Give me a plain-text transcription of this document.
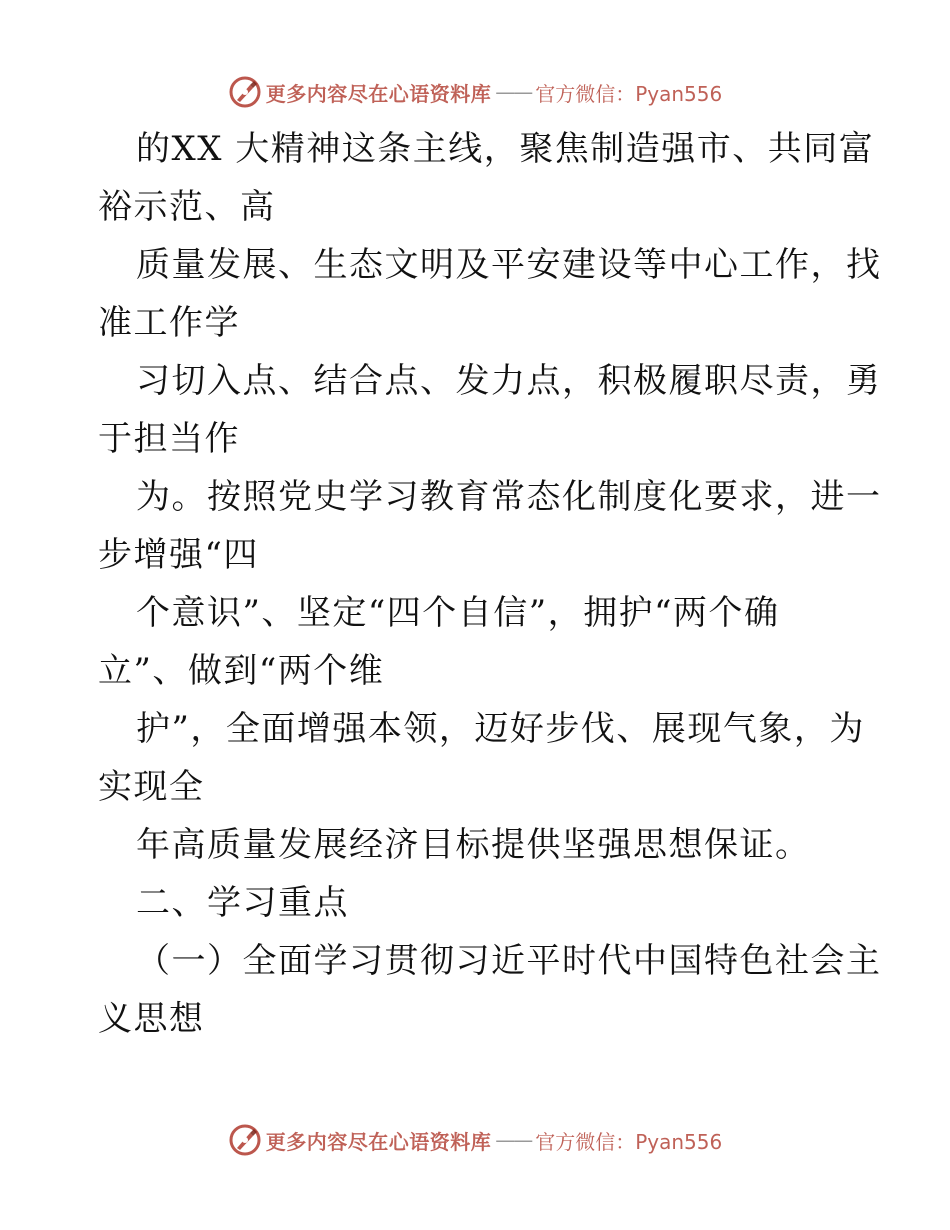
更多内容尽在心语资料库 —— 官方微信：Pyan556
的XX 大精神这条主线，聚焦制造强市、共同富
裕示范、高
质量发展、生态文明及平安建设等中心工作，找
准工作学
习切入点、结合点、发力点，积极履职尽责，勇
于担当作
为。按照党史学习教育常态化制度化要求，进一
步增强“四
个意识”、坚定“四个自信”，拥护“两个确
立”、做到“两个维
护”，全面增强本领，迈好步伐、展现气象，为
实现全
年高质量发展经济目标提供坚强思想保证。
二、学习重点
（一）全面学习贯彻习近平时代中国特色社会主
义思想
更多内容尽在心语资料库 —— 官方微信：Pyan556
